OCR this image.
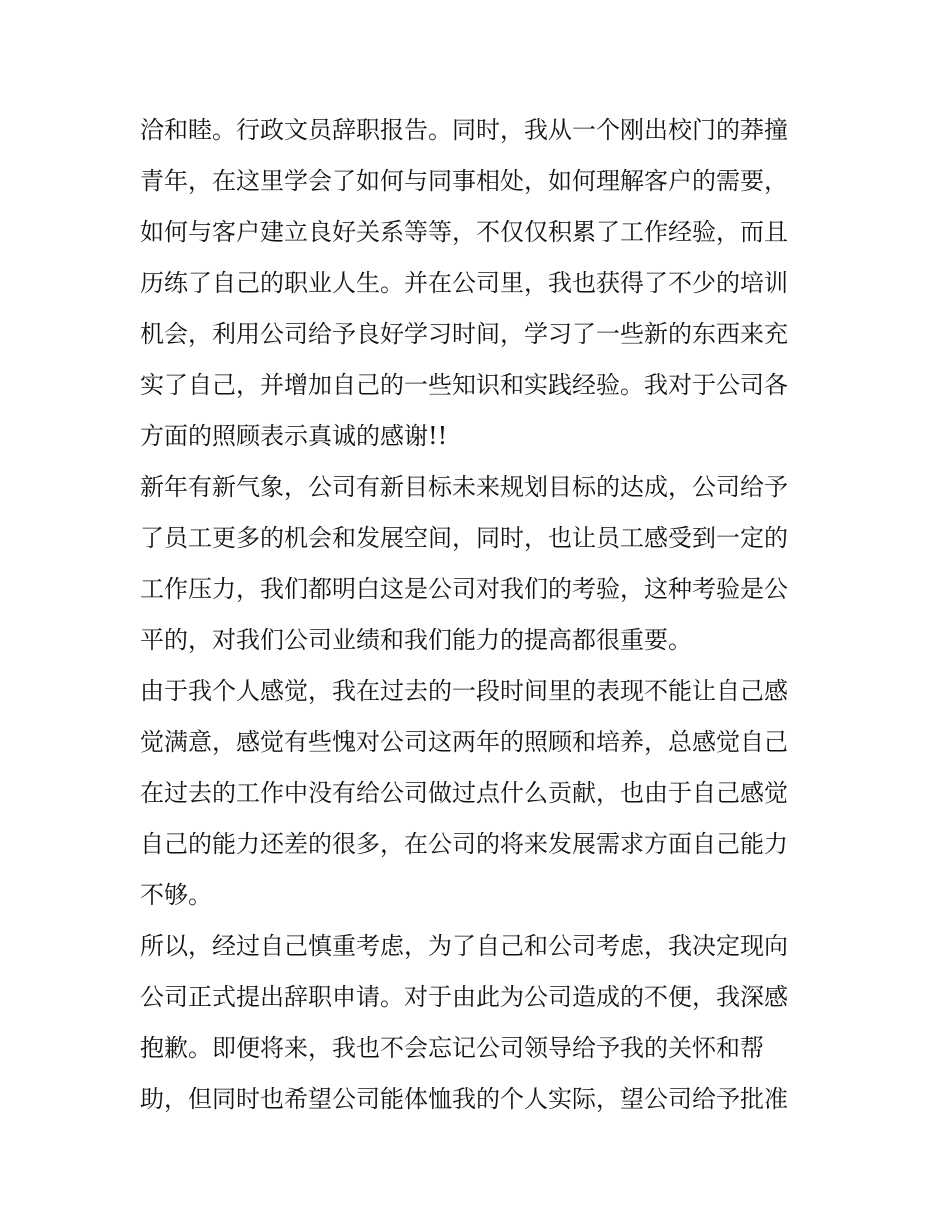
洽和睦。行政文员辞职报告。同时，我从一个刚出校门的莽撞
青年，在这里学会了如何与同事相处，如何理解客户的需要，
如何与客户建立良好关系等等，不仅仅积累了工作经验，而且
历练了自己的职业人生。并在公司里，我也获得了不少的培训
机会，利用公司给予良好学习时间，学习了一些新的东西来充
实了自己，并增加自己的一些知识和实践经验。我对于公司各
方面的照顾表示真诚的感谢!!
新年有新气象，公司有新目标未来规划目标的达成，公司给予
了员工更多的机会和发展空间，同时，也让员工感受到一定的
工作压力，我们都明白这是公司对我们的考验，这种考验是公
平的，对我们公司业绩和我们能力的提高都很重要。
由于我个人感觉，我在过去的一段时间里的表现不能让自己感
觉满意，感觉有些愧对公司这两年的照顾和培养，总感觉自己
在过去的工作中没有给公司做过点什么贡献，也由于自己感觉
自己的能力还差的很多，在公司的将来发展需求方面自己能力
不够。
所以，经过自己慎重考虑，为了自己和公司考虑，我决定现向
公司正式提出辞职申请。对于由此为公司造成的不便，我深感
抱歉。即便将来，我也不会忘记公司领导给予我的关怀和帮
助，但同时也希望公司能体恤我的个人实际，望公司给予批准
